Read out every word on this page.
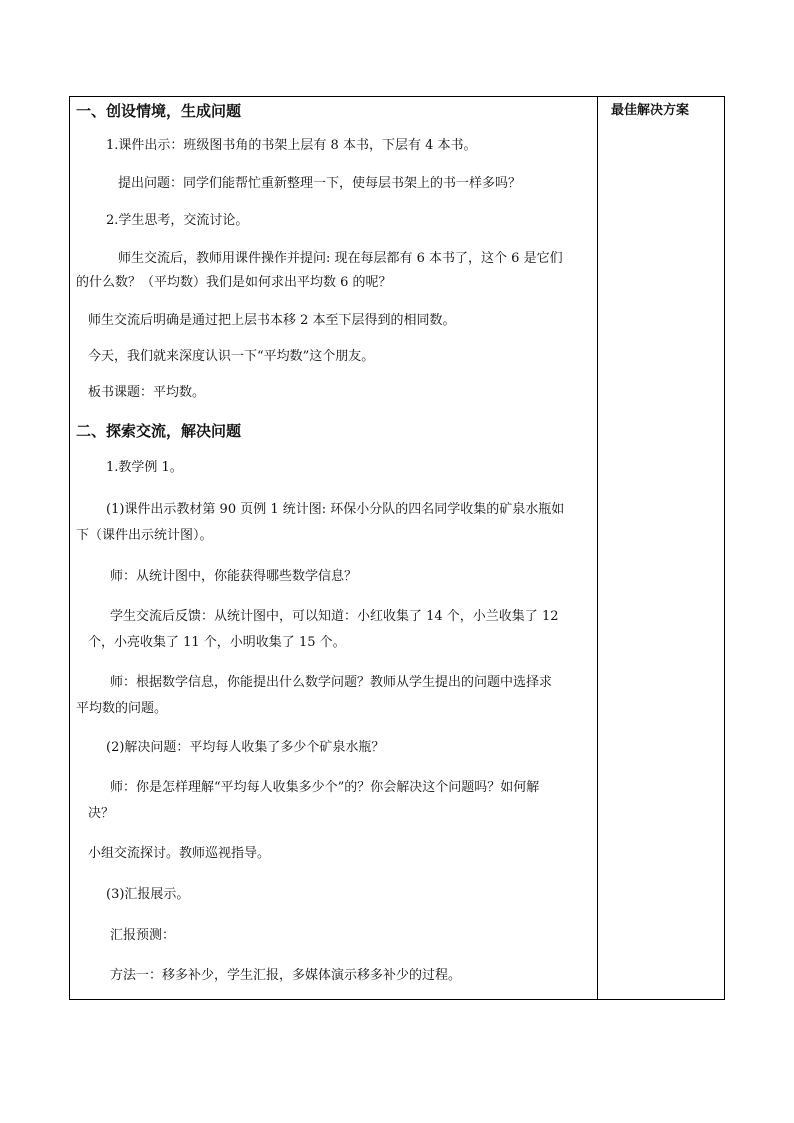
最佳解决方案
一、创设情境，生成问题
1.课件出示：班级图书角的书架上层有 8 本书，下层有 4 本书。
提出问题：同学们能帮忙重新整理一下，使每层书架上的书一样多吗？
2.学生思考，交流讨论。
师生交流后，教师用课件操作并提问: 现在每层都有 6 本书了，这个 6 是它们
的什么数？（平均数）我们是如何求出平均数 6 的呢？
师生交流后明确是通过把上层书本移 2 本至下层得到的相同数。
今天，我们就来深度认识一下“平均数”这个朋友。
板书课题：平均数。
二、探索交流，解决问题
1.教学例 1。
(1)课件出示教材第 90 页例 1 统计图: 环保小分队的四名同学收集的矿泉水瓶如
下（课件出示统计图）。
师：从统计图中，你能获得哪些数学信息？
学生交流后反馈：从统计图中，可以知道：小红收集了 14 个，小兰收集了 12
个，小亮收集了 11 个，小明收集了 15 个。
师：根据数学信息，你能提出什么数学问题？教师从学生提出的问题中选择求
平均数的问题。
(2)解决问题：平均每人收集了多少个矿泉水瓶？
师：你是怎样理解“平均每人收集多少个”的？你会解决这个问题吗？如何解
决？
小组交流探讨。教师巡视指导。
(3)汇报展示。
汇报预测：
方法一：移多补少，学生汇报，多媒体演示移多补少的过程。
